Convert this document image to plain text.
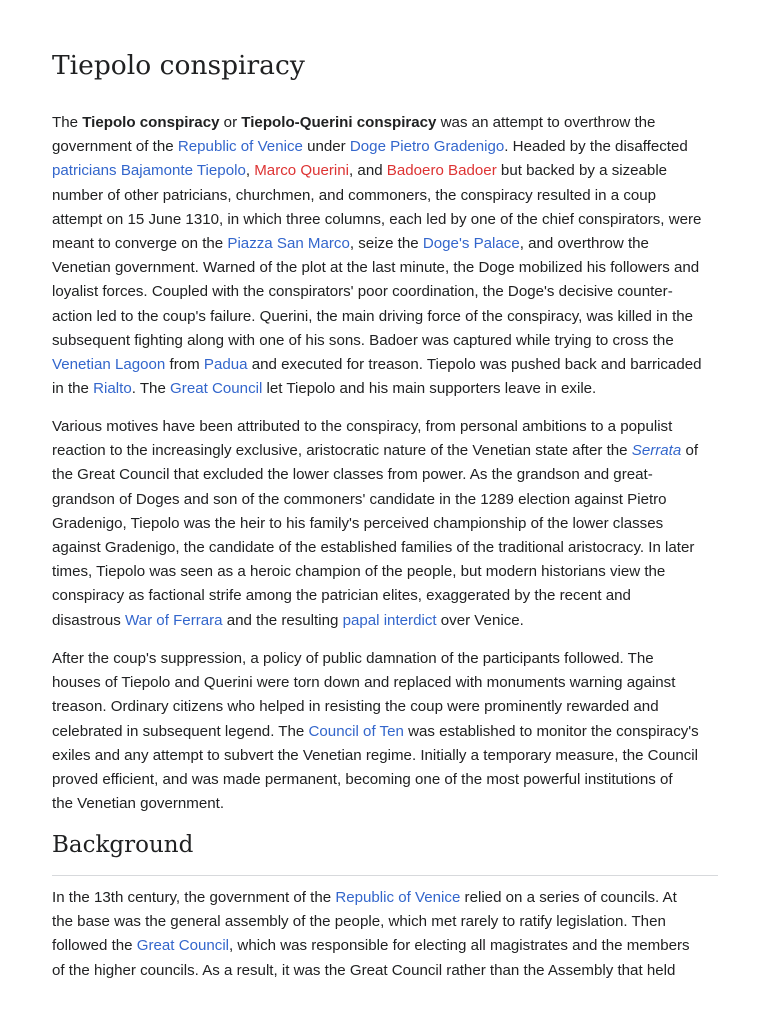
Tiepolo conspiracy

The Tiepolo conspiracy or Tiepolo-Querini conspiracy was an attempt to overthrow the
government of the Republic of Venice under Doge Pietro Gradenigo. Headed by the disaffected
patricians Bajamonte Tiepolo, Marco Querini, and Badoero Badoer but backed by a sizeable
number of other patricians, churchmen, and commoners, the conspiracy resulted in a coup
attempt on 15 June 1310, in which three columns, each led by one of the chief conspirators, were
meant to converge on the Piazza San Marco, seize the Doge's Palace, and overthrow the
Venetian government. Warned of the plot at the last minute, the Doge mobilized his followers and
loyalist forces. Coupled with the conspirators' poor coordination, the Doge's decisive counter-
action led to the coup's failure. Querini, the main driving force of the conspiracy, was killed in the
subsequent fighting along with one of his sons. Badoer was captured while trying to cross the
Venetian Lagoon from Padua and executed for treason. Tiepolo was pushed back and barricaded
in the Rialto. The Great Council let Tiepolo and his main supporters leave in exile.

Various motives have been attributed to the conspiracy, from personal ambitions to a populist
reaction to the increasingly exclusive, aristocratic nature of the Venetian state after the Serrata of
the Great Council that excluded the lower classes from power. As the grandson and great-
grandson of Doges and son of the commoners' candidate in the 1289 election against Pietro
Gradenigo, Tiepolo was the heir to his family's perceived championship of the lower classes
against Gradenigo, the candidate of the established families of the traditional aristocracy. In later
times, Tiepolo was seen as a heroic champion of the people, but modern historians view the
conspiracy as factional strife among the patrician elites, exaggerated by the recent and
disastrous War of Ferrara and the resulting papal interdict over Venice.

After the coup's suppression, a policy of public damnation of the participants followed. The
houses of Tiepolo and Querini were torn down and replaced with monuments warning against
treason. Ordinary citizens who helped in resisting the coup were prominently rewarded and
celebrated in subsequent legend. The Council of Ten was established to monitor the conspiracy's
exiles and any attempt to subvert the Venetian regime. Initially a temporary measure, the Council
proved efficient, and was made permanent, becoming one of the most powerful institutions of
the Venetian government.

Background

In the 13th century, the government of the Republic of Venice relied on a series of councils. At
the base was the general assembly of the people, which met rarely to ratify legislation. Then
followed the Great Council, which was responsible for electing all magistrates and the members
of the higher councils. As a result, it was the Great Council rather than the Assembly that held
